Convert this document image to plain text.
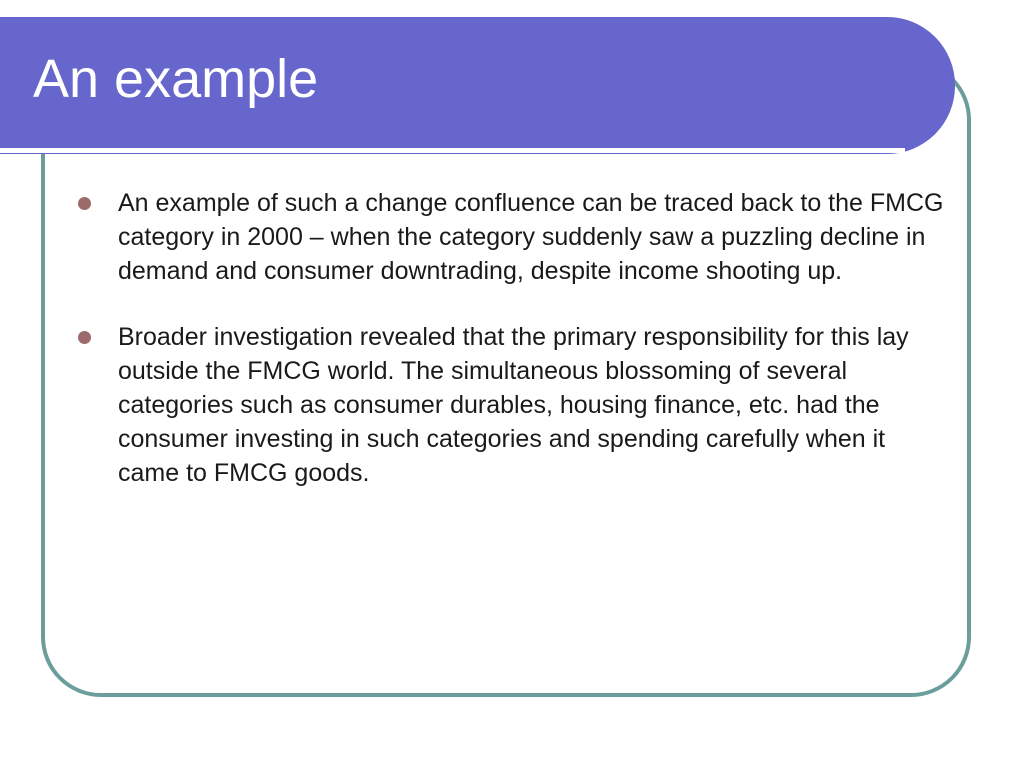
An example
An example of such a change confluence can be traced back to the FMCG category in 2000 – when the category suddenly saw a puzzling decline in demand and consumer downtrading, despite income shooting up.
Broader investigation revealed that the primary responsibility for this lay outside the FMCG world. The simultaneous blossoming of several categories such as consumer durables, housing finance, etc. had the consumer investing in such categories and spending carefully when it came to FMCG goods.
